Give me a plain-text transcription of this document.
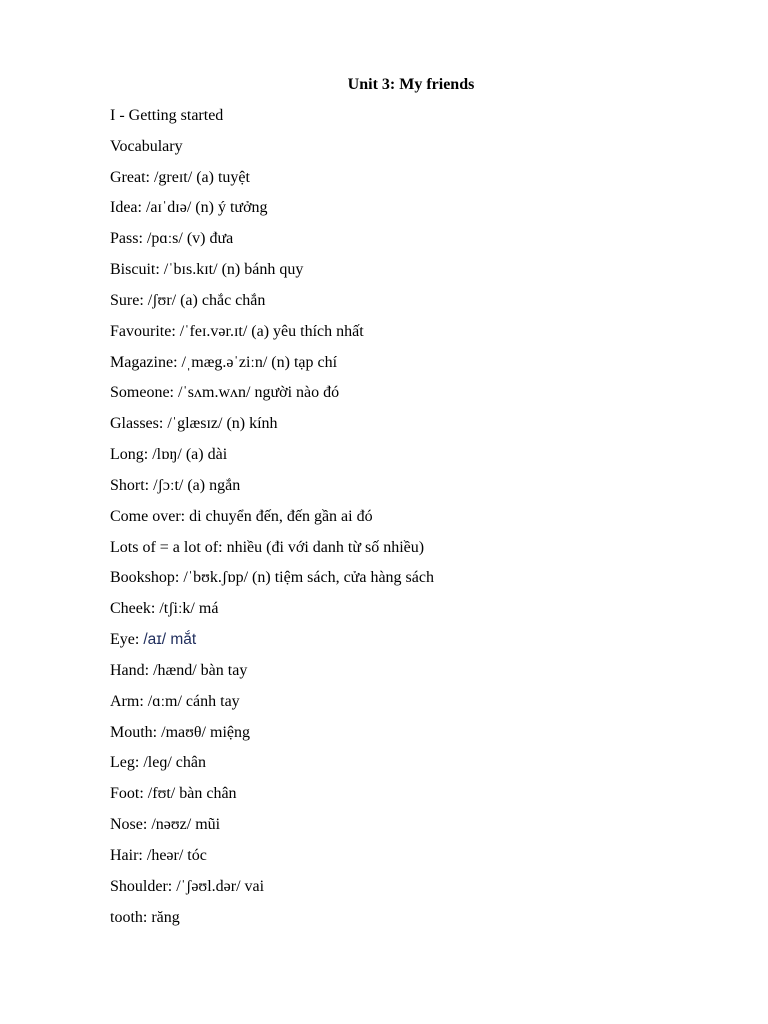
Unit 3: My friends
I - Getting started
Vocabulary
Great: /greɪt/ (a) tuyệt
Idea: /aɪˈdɪə/ (n) ý tưởng
Pass: /pɑːs/ (v) đưa
Biscuit: /ˈbɪs.kɪt/ (n) bánh quy
Sure: /ʃʊr/ (a) chắc chắn
Favourite: /ˈfeɪ.vər.ɪt/ (a) yêu thích nhất
Magazine: /ˌmæg.əˈziːn/ (n) tạp chí
Someone: /ˈsʌm.wʌn/ người nào đó
Glasses: /ˈglæsɪz/ (n) kính
Long: /lɒŋ/ (a) dài
Short: /ʃɔːt/ (a) ngắn
Come over: di chuyển đến, đến gần ai đó
Lots of = a lot of: nhiều (đi với danh từ số nhiều)
Bookshop: /ˈbʊk.ʃɒp/ (n) tiệm sách, cửa hàng sách
Cheek: /tʃiːk/ má
Eye: /aɪ/ mắt
Hand: /hænd/ bàn tay
Arm: /ɑːm/ cánh tay
Mouth: /maʊθ/ miệng
Leg: /leɡ/ chân
Foot: /fʊt/ bàn chân
Nose: /nəʊz/ mũi
Hair: /heər/ tóc
Shoulder: /ˈʃəʊl.dər/ vai
tooth: răng
